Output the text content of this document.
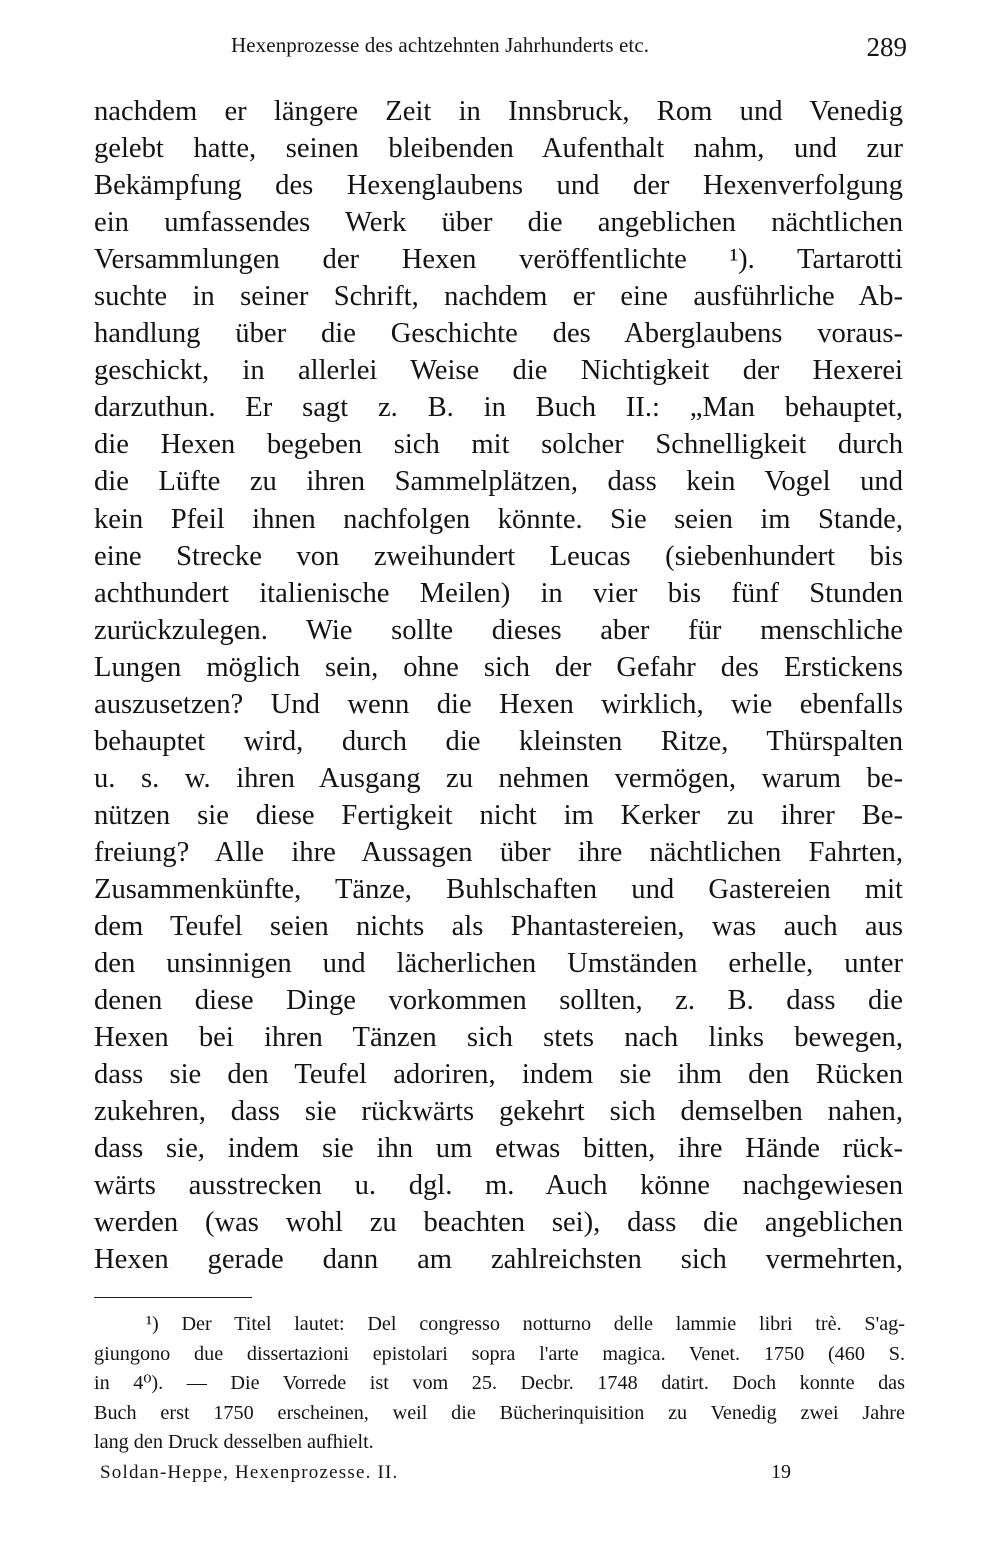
Hexenprozesse des achtzehnten Jahrhunderts etc.	289
nachdem er längere Zeit in Innsbruck, Rom und Venedig
gelebt hatte, seinen bleibenden Aufenthalt nahm, und zur
Bekämpfung des Hexenglaubens und der Hexenverfolgung
ein umfassendes Werk über die angeblichen nächtlichen
Versammlungen der Hexen veröffentlichte ¹). Tartarotti
suchte in seiner Schrift, nachdem er eine ausführliche Ab-
handlung über die Geschichte des Aberglaubens voraus-
geschickt, in allerlei Weise die Nichtigkeit der Hexerei
darzuthun. Er sagt z. B. in Buch II.: „Man behauptet,
die Hexen begeben sich mit solcher Schnelligkeit durch
die Lüfte zu ihren Sammelplätzen, dass kein Vogel und
kein Pfeil ihnen nachfolgen könnte. Sie seien im Stande,
eine Strecke von zweihundert Leucas (siebenhundert bis
achthundert italienische Meilen) in vier bis fünf Stunden
zurückzulegen. Wie sollte dieses aber für menschliche
Lungen möglich sein, ohne sich der Gefahr des Erstickens
auszusetzen? Und wenn die Hexen wirklich, wie ebenfalls
behauptet wird, durch die kleinsten Ritze, Thürspalten
u. s. w. ihren Ausgang zu nehmen vermögen, warum be-
nützen sie diese Fertigkeit nicht im Kerker zu ihrer Be-
freiung? Alle ihre Aussagen über ihre nächtlichen Fahrten,
Zusammenkünfte, Tänze, Buhlschaften und Gastereien mit
dem Teufel seien nichts als Phantastereien, was auch aus
den unsinnigen und lächerlichen Umständen erhelle, unter
denen diese Dinge vorkommen sollten, z. B. dass die
Hexen bei ihren Tänzen sich stets nach links bewegen,
dass sie den Teufel adoriren, indem sie ihm den Rücken
zukehren, dass sie rückwärts gekehrt sich demselben nahen,
dass sie, indem sie ihn um etwas bitten, ihre Hände rück-
wärts ausstrecken u. dgl. m. Auch könne nachgewiesen
werden (was wohl zu beachten sei), dass die angeblichen
Hexen gerade dann am zahlreichsten sich vermehrten,
¹) Der Titel lautet: Del congresso notturno delle lammie libri trè. S'ag-
giungono due dissertazioni epistolari sopra l'arte magica. Venet. 1750 (460 S.
in 4⁰). — Die Vorrede ist vom 25. Decbr. 1748 datirt. Doch konnte das
Buch erst 1750 erscheinen, weil die Bücherinquisition zu Venedig zwei Jahre
lang den Druck desselben aufhielt.
Soldan-Heppe, Hexenprozesse. II.	19
